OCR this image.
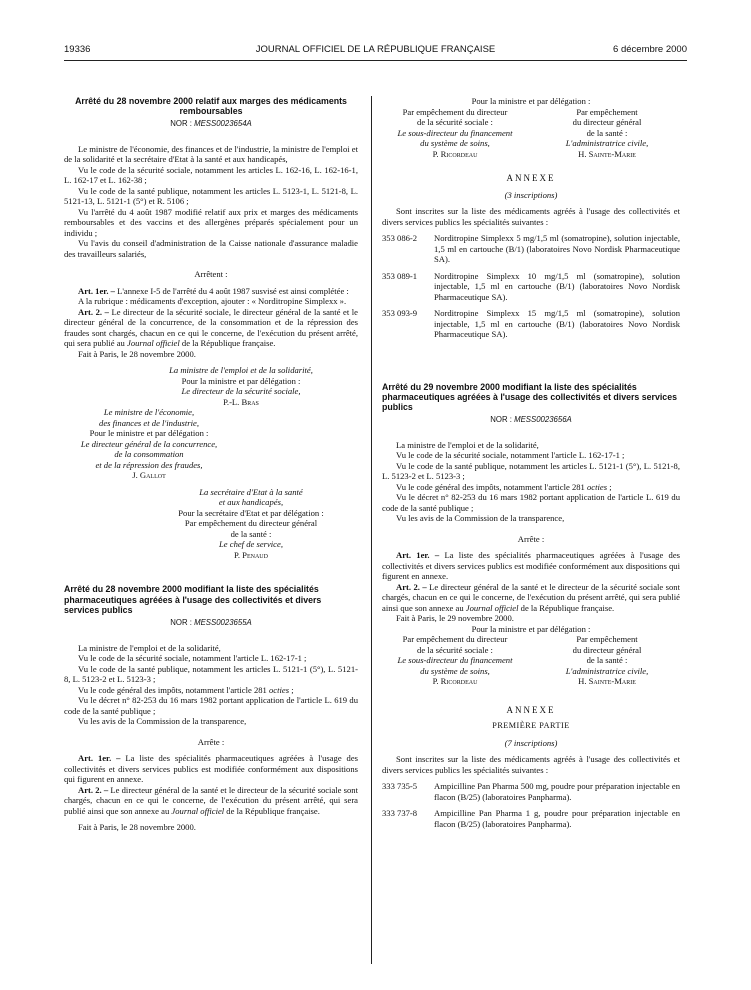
19336	JOURNAL OFFICIEL DE LA RÉPUBLIQUE FRANÇAISE	6 décembre 2000

Arrêté du 28 novembre 2000 relatif aux marges des médicaments remboursables

NOR : MESS0023654A

Le ministre de l'économie, des finances et de l'industrie, la ministre de l'emploi et de la solidarité et la secrétaire d'Etat à la santé et aux handicapés,

Vu le code de la sécurité sociale, notamment les articles L. 162-16, L. 162-16-1, L. 162-17 et L. 162-38 ;

Vu le code de la santé publique, notamment les articles L. 5123-1, L. 5121-8, L. 5121-13, L. 5121-1 (5°) et R. 5106 ;

Vu l'arrêté du 4 août 1987 modifié relatif aux prix et marges des médicaments remboursables et des vaccins et des allergènes préparés spécialement pour un individu ;

Vu l'avis du conseil d'administration de la Caisse nationale d'assurance maladie des travailleurs salariés,

Arrêtent :

Art. 1er. – L'annexe I-5 de l'arrêté du 4 août 1987 susvisé est ainsi complétée :

A la rubrique : médicaments d'exception, ajouter : « Norditropine Simplexx ».

Art. 2. – Le directeur de la sécurité sociale, le directeur général de la santé et le directeur général de la concurrence, de la consommation et de la répression des fraudes sont chargés, chacun en ce qui le concerne, de l'exécution du présent arrêté, qui sera publié au Journal officiel de la République française.

Fait à Paris, le 28 novembre 2000.

La ministre de l'emploi et de la solidarité,

Pour la ministre et par délégation :

Le directeur de la sécurité sociale,

P.-L. Bras

Le ministre de l'économie,

des finances et de l'industrie,

Pour le ministre et par délégation :

Le directeur général de la concurrence,

de la consommation

et de la répression des fraudes,

J. Gallot

La secrétaire d'Etat à la santé

et aux handicapés,

Pour la secrétaire d'Etat et par délégation :

Par empêchement du directeur général

de la santé :

Le chef de service,

P. Penaud

Arrêté du 28 novembre 2000 modifiant la liste des spécialités pharmaceutiques agréées à l'usage des collectivités et divers services publics

NOR : MESS0023655A

La ministre de l'emploi et de la solidarité,

Vu le code de la sécurité sociale, notamment l'article L. 162-17-1 ;

Vu le code de la santé publique, notamment les articles L. 5121-1 (5°), L. 5121-8, L. 5123-2 et L. 5123-3 ;

Vu le code général des impôts, notamment l'article 281 octies ;

Vu le décret n° 82-253 du 16 mars 1982 portant application de l'article L. 619 du code de la santé publique ;

Vu les avis de la Commission de la transparence,

Arrête :

Art. 1er. – La liste des spécialités pharmaceutiques agréées à l'usage des collectivités et divers services publics est modifiée conformément aux dispositions qui figurent en annexe.

Art. 2. – Le directeur général de la santé et le directeur de la sécurité sociale sont chargés, chacun en ce qui le concerne, de l'exécution du présent arrêté, qui sera publié ainsi que son annexe au Journal officiel de la République française.

Fait à Paris, le 28 novembre 2000.

Pour la ministre et par délégation :

Par empêchement du directeur

de la sécurité sociale :

Le sous-directeur du financement

du système de soins,

P. Ricordeau

Par empêchement

du directeur général

de la santé :

L'administratrice civile,

H. Sainte-Marie

ANNEXE

(3 inscriptions)

Sont inscrites sur la liste des médicaments agréés à l'usage des collectivités et divers services publics les spécialités suivantes :

353 086-2	Norditropine Simplexx 5 mg/1,5 ml (somatropine), solution injectable, 1,5 ml en cartouche (B/1) (laboratoires Novo Nordisk Pharmaceutique SA).
353 089-1	Norditropine Simplexx 10 mg/1,5 ml (somatropine), solution injectable, 1,5 ml en cartouche (B/1) (laboratoires Novo Nordisk Pharmaceutique SA).
353 093-9	Norditropine Simplexx 15 mg/1,5 ml (somatropine), solution injectable, 1,5 ml en cartouche (B/1) (laboratoires Novo Nordisk Pharmaceutique SA).

Arrêté du 29 novembre 2000 modifiant la liste des spécialités pharmaceutiques agréées à l'usage des collectivités et divers services publics

NOR : MESS0023656A

La ministre de l'emploi et de la solidarité,

Vu le code de la sécurité sociale, notamment l'article L. 162-17-1 ;

Vu le code de la santé publique, notamment les articles L. 5121-1 (5°), L. 5121-8, L. 5123-2 et L. 5123-3 ;

Vu le code général des impôts, notamment l'article 281 octies ;

Vu le décret n° 82-253 du 16 mars 1982 portant application de l'article L. 619 du code de la santé publique ;

Vu les avis de la Commission de la transparence,

Arrête :

Art. 1er. – La liste des spécialités pharmaceutiques agréées à l'usage des collectivités et divers services publics est modifiée conformément aux dispositions qui figurent en annexe.

Art. 2. – Le directeur général de la santé et le directeur de la sécurité sociale sont chargés, chacun en ce qui le concerne, de l'exécution du présent arrêté, qui sera publié ainsi que son annexe au Journal officiel de la République française.

Fait à Paris, le 29 novembre 2000.

Pour la ministre et par délégation :

Par empêchement du directeur

de la sécurité sociale :

Le sous-directeur du financement

du système de soins,

P. Ricordeau

Par empêchement

du directeur général

de la santé :

L'administratrice civile,

H. Sainte-Marie

ANNEXE

PREMIÈRE PARTIE

(7 inscriptions)

Sont inscrites sur la liste des médicaments agréés à l'usage des collectivités et divers services publics les spécialités suivantes :

333 735-5	Ampicilline Pan Pharma 500 mg, poudre pour préparation injectable en flacon (B/25) (laboratoires Panpharma).
333 737-8	Ampicilline Pan Pharma 1 g, poudre pour préparation injectable en flacon (B/25) (laboratoires Panpharma).
